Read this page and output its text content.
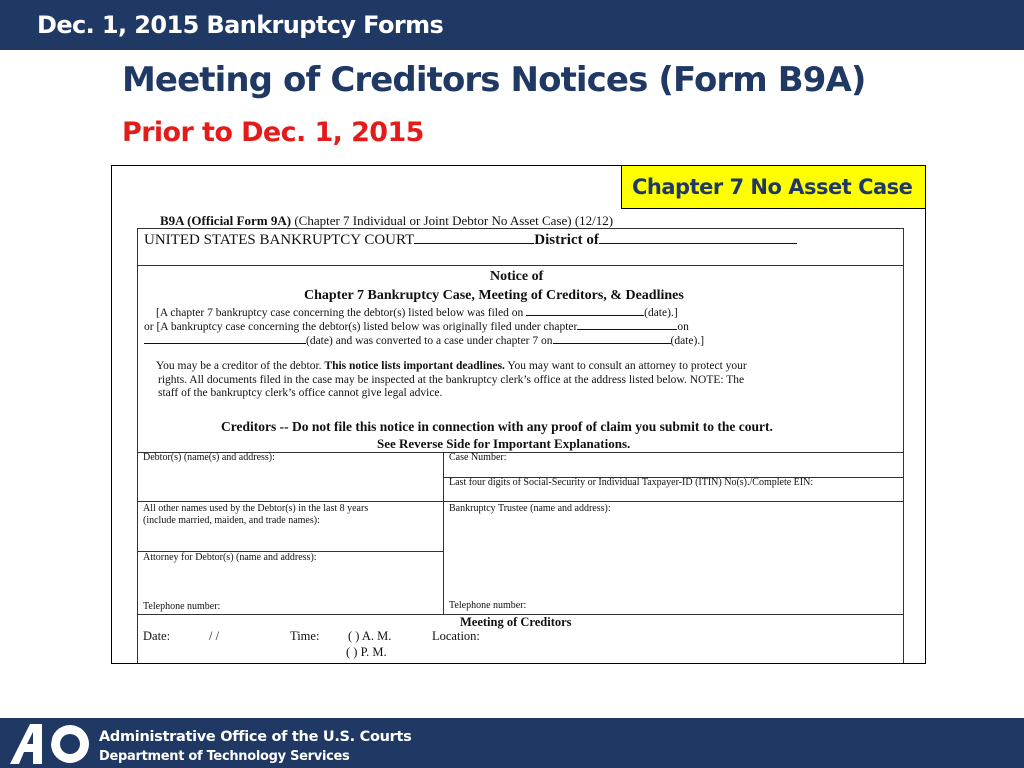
Dec. 1, 2015 Bankruptcy Forms
Meeting of Creditors Notices (Form B9A)
Prior to Dec. 1, 2015
B9A (Official Form 9A) (Chapter 7 Individual or Joint Debtor No Asset Case) (12/12)
UNITED STATES BANKRUPTCY COURT	District of
Notice of
Chapter 7 Bankruptcy Case, Meeting of Creditors, & Deadlines
[A chapter 7 bankruptcy case concerning the debtor(s) listed below was filed on	(date).]
or [A bankruptcy case concerning the debtor(s) listed below was originally filed under chapter	on
(date) and was converted to a case under chapter 7 on	(date).]
You may be a creditor of the debtor. This notice lists important deadlines. You may want to consult an attorney to protect your
rights. All documents filed in the case may be inspected at the bankruptcy clerk’s office at the address listed below. NOTE: The
staff of the bankruptcy clerk’s office cannot give legal advice.
Creditors -- Do not file this notice in connection with any proof of claim you submit to the court.
See Reverse Side for Important Explanations.
Debtor(s) (name(s) and address):	Case Number:
Last four digits of Social-Security or Individual Taxpayer-ID (ITIN) No(s)./Complete EIN:
All other names used by the Debtor(s) in the last 8 years
(include married, maiden, and trade names):
Bankruptcy Trustee (name and address):
Attorney for Debtor(s) (name and address):
Telephone number:	Telephone number:
Meeting of Creditors
Date:	/ /	Time: ( ) A. M.
( ) P. M.
Location:
Chapter 7 No Asset Case
Administrative Office of the U.S. Courts
Department of Technology Services
